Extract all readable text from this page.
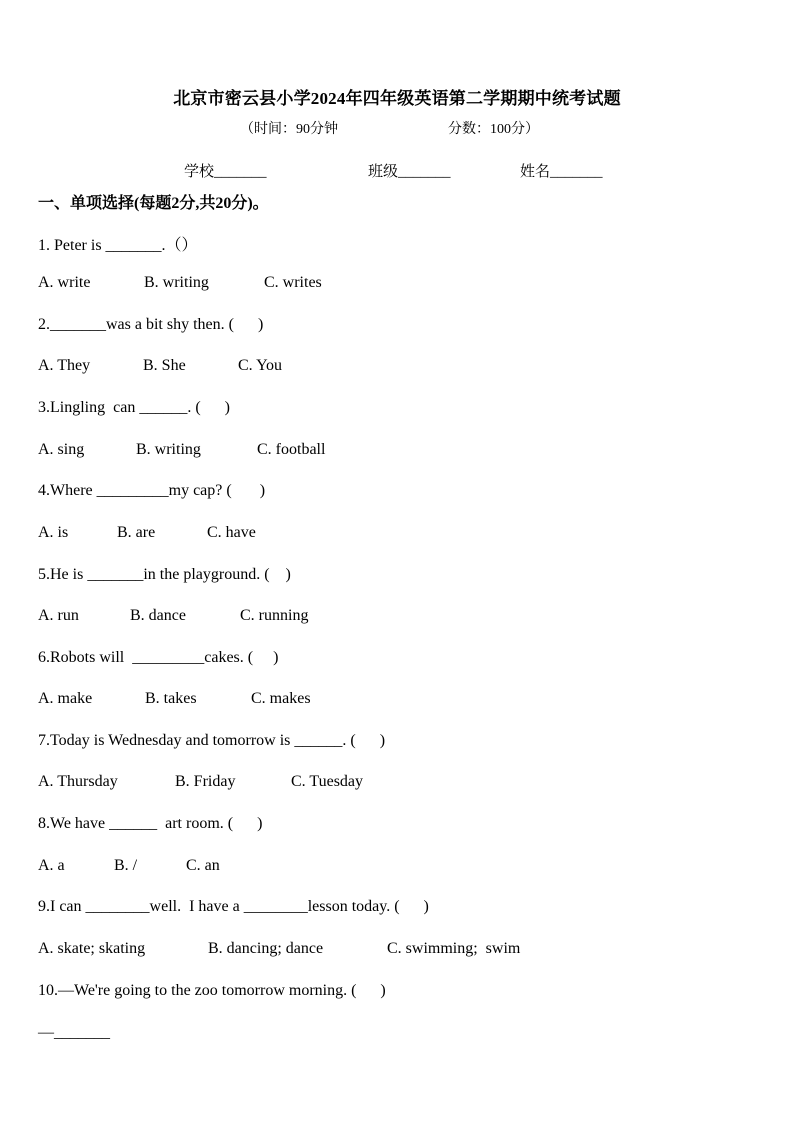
北京市密云县小学2024年四年级英语第二学期期中统考试题
（时间：90分钟	分数：100分）
学校_______	班级_______	姓名_______
一、单项选择(每题2分,共20分)。
1. Peter is _______.（）
A. write	B. writing	C. writes
2._______was a bit shy then. (      )
A. They	B. She	C. You
3.Lingling  can ______. (      )
A. sing	B. writing	C. football
4.Where _________my cap? (       )
A. is	B. are	C. have
5.He is _______in the playground. (    )
A. run	B. dance	C. running
6.Robots will  _________cakes. (     )
A. make	B. takes	C. makes
7.Today is Wednesday and tomorrow is ______. (      )
A. Thursday	B. Friday	C. Tuesday
8.We have ______  art room. (      )
A. a	B. /	C. an
9.I can ________well.  I have a ________lesson today. (      )
A. skate; skating	B. dancing; dance	C. swimming;  swim
10.—We're going to the zoo tomorrow morning. (      )
—_______
